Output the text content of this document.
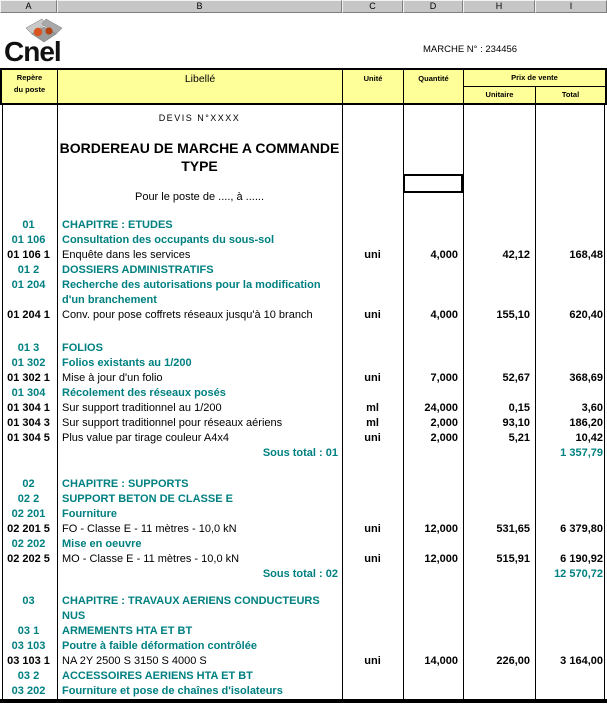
A	B	C	D	H	I
Cnel	MARCHE N° : 234456
Repère
du poste
Libellé	Unité	Quantité	Prix de vente
Unitaire	Total
DEVIS N°XXXX
BORDEREAU DE MARCHE A COMMANDE
TYPE
Pour le poste de ...., à ......
01	CHAPITRE : ETUDES
01 106	Consultation des occupants du sous-sol
01 106 1	Enquête dans les services	uni	4,000	42,12	168,48
01 2	DOSSIERS ADMINISTRATIFS
01 204	Recherche des autorisations pour la modification d'un branchement
01 204 1	Conv. pour pose coffrets réseaux jusqu'à 10 branch	uni	4,000	155,10	620,40
01 3	FOLIOS
01 302	Folios existants au 1/200
01 302 1	Mise à jour d'un folio	uni	7,000	52,67	368,69
01 304	Récolement des réseaux posés
01 304 1	Sur support traditionnel au 1/200	ml	24,000	0,15	3,60
01 304 3	Sur support traditionnel pour réseaux aériens	ml	2,000	93,10	186,20
01 304 5	Plus value par tirage couleur A4x4	uni	2,000	5,21	10,42
Sous total : 01	1 357,79
02	CHAPITRE : SUPPORTS
02 2	SUPPORT BETON DE CLASSE E
02 201	Fourniture
02 201 5	FO - Classe E - 11 mètres - 10,0 kN	uni	12,000	531,65	6 379,80
02 202	Mise en oeuvre
02 202 5	MO - Classe E - 11 mètres - 10,0 kN	uni	12,000	515,91	6 190,92
Sous total : 02	12 570,72
03	CHAPITRE : TRAVAUX AERIENS CONDUCTEURS NUS
03 1	ARMEMENTS HTA ET BT
03 103	Poutre à faible déformation contrôlée
03 103 1	NA 2Y 2500 S 3150 S 4000 S	uni	14,000	226,00	3 164,00
03 2	ACCESSOIRES AERIENS HTA ET BT
03 202	Fourniture et pose de chaînes d'isolateurs
